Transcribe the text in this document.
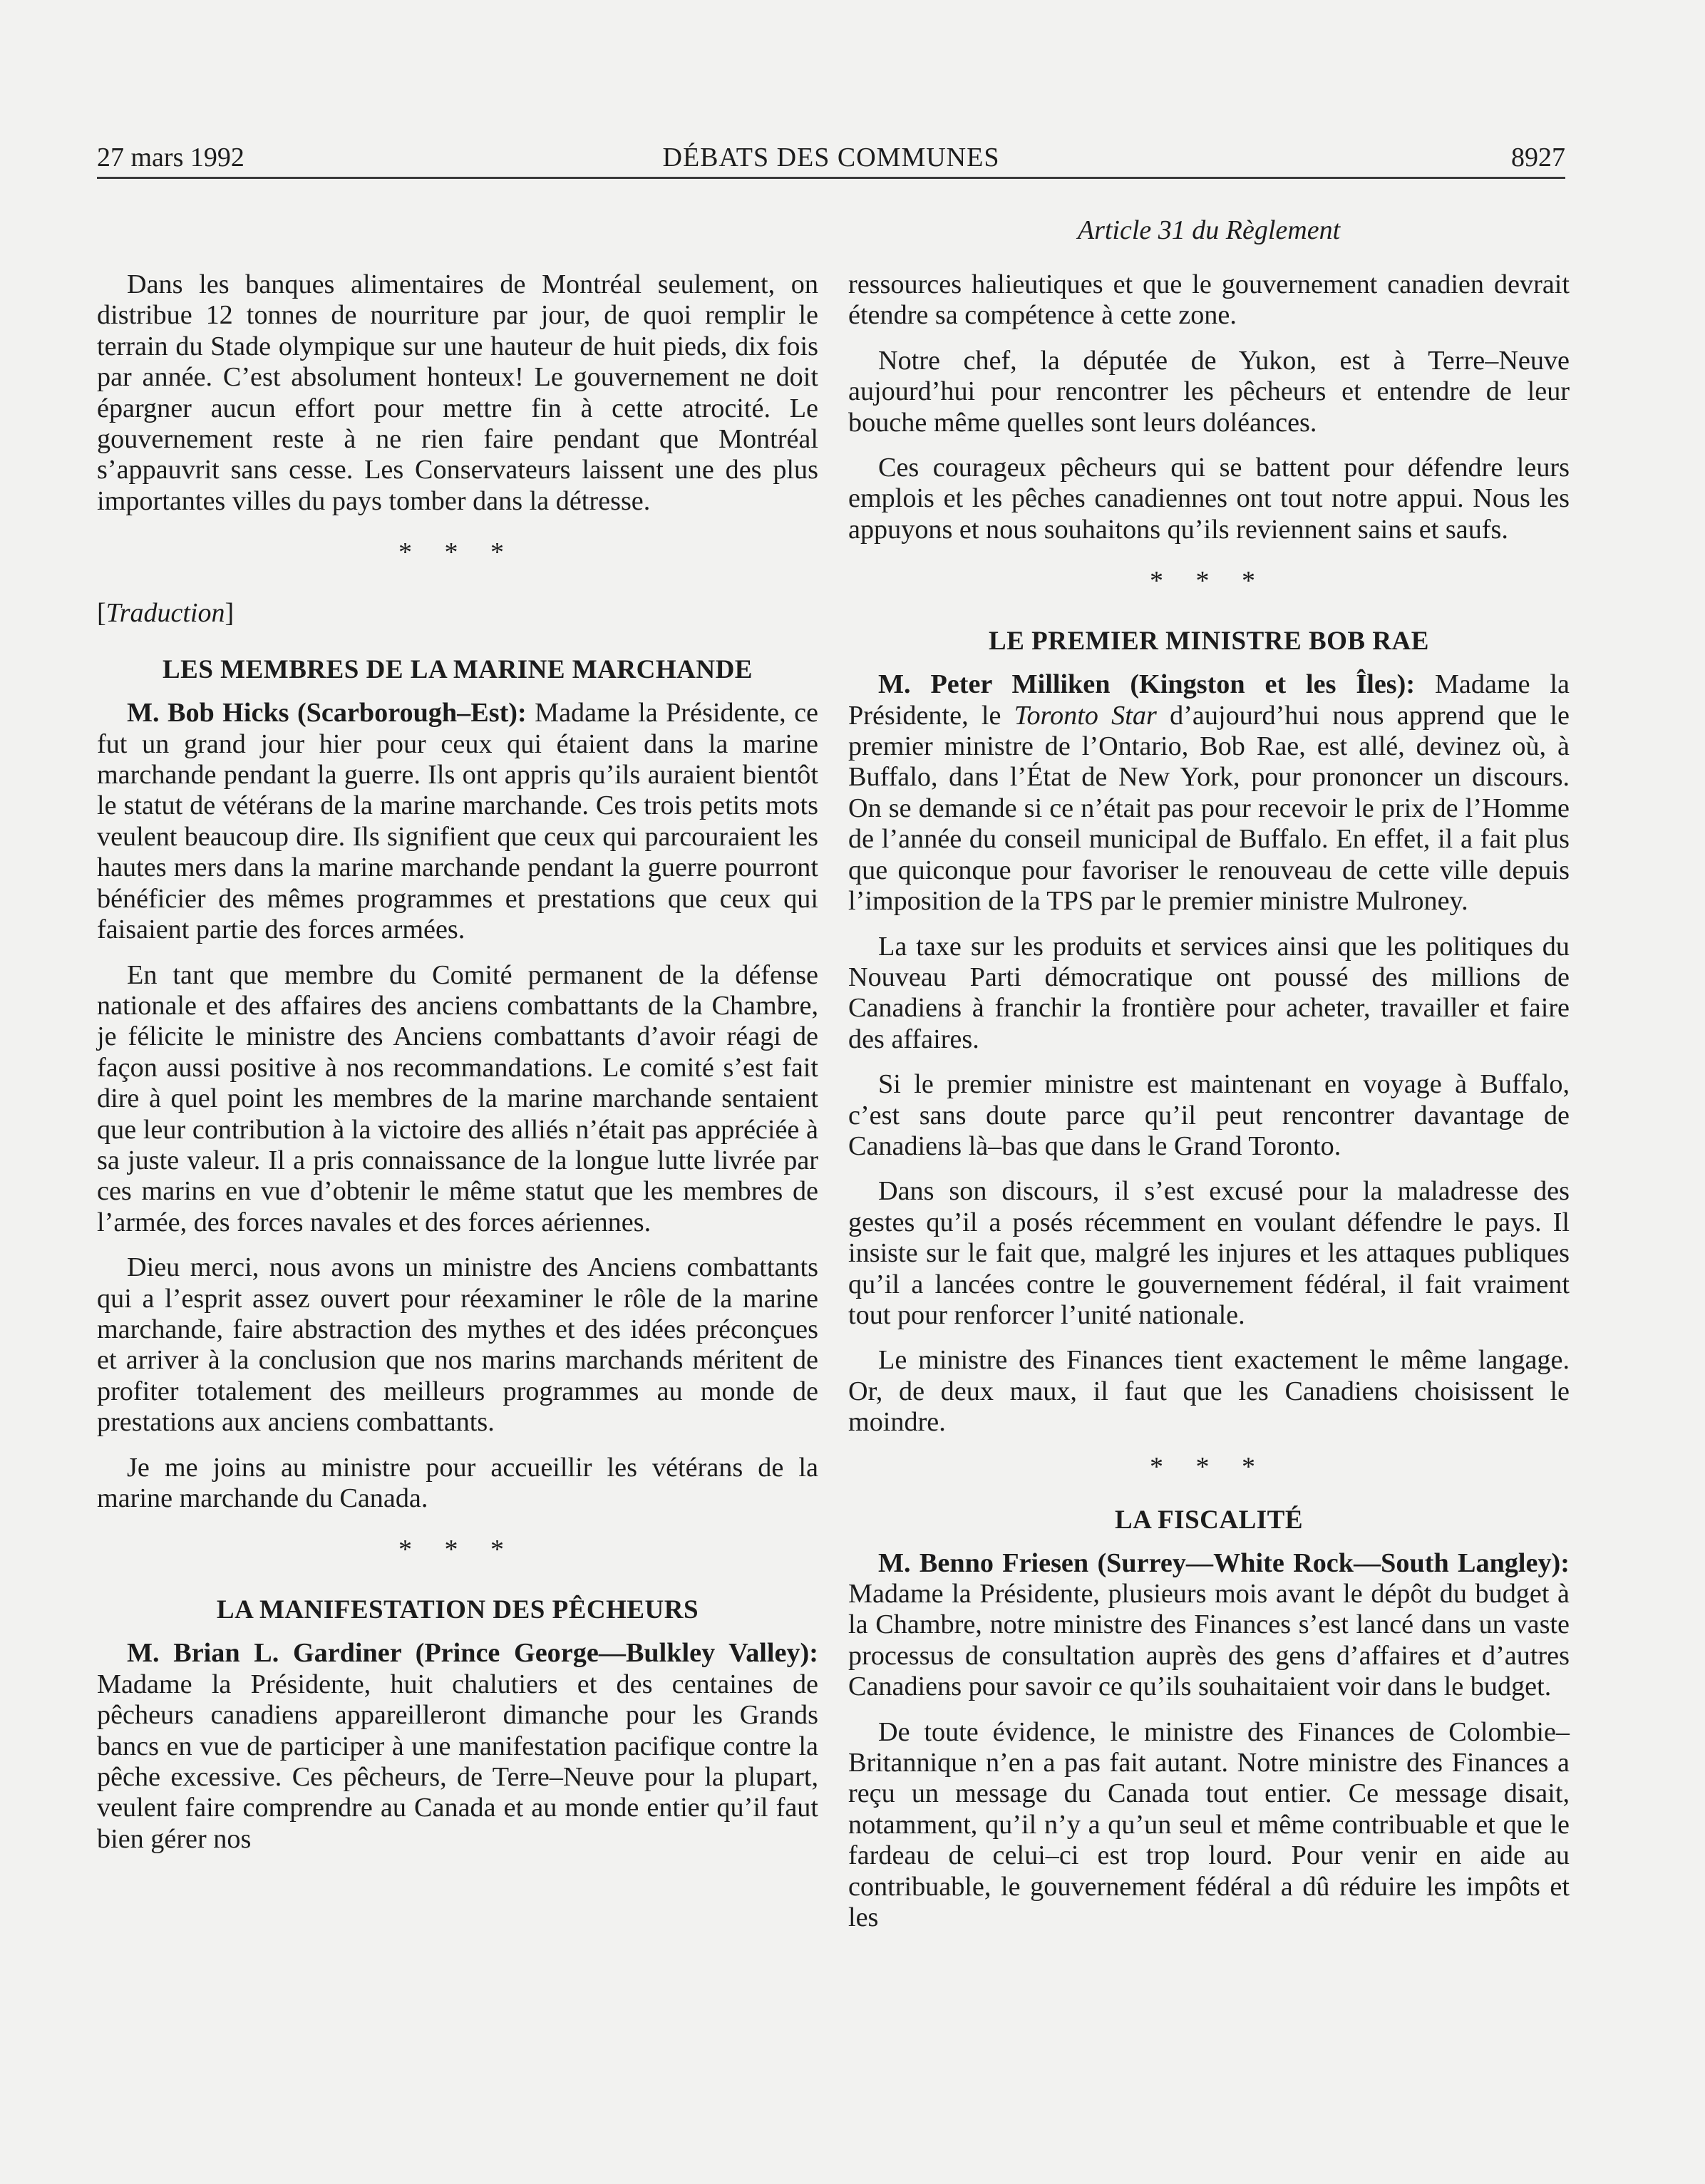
27 mars 1992	DÉBATS DES COMMUNES	8927
Article 31 du Règlement

Dans les banques alimentaires de Montréal seulement, on distribue 12 tonnes de nourriture par jour, de quoi remplir le terrain du Stade olympique sur une hauteur de huit pieds, dix fois par année. C’est absolument honteux! Le gouvernement ne doit épargner aucun effort pour mettre fin à cette atrocité. Le gouvernement reste à ne rien faire pendant que Montréal s’appauvrit sans cesse. Les Conservateurs laissent une des plus importantes villes du pays tomber dans la détresse.

* * *
[Traduction]
LES MEMBRES DE LA MARINE MARCHANDE

M. Bob Hicks (Scarborough–Est): Madame la Présidente, ce fut un grand jour hier pour ceux qui étaient dans la marine marchande pendant la guerre. Ils ont appris qu’ils auraient bientôt le statut de vétérans de la marine marchande. Ces trois petits mots veulent beaucoup dire. Ils signifient que ceux qui parcouraient les hautes mers dans la marine marchande pendant la guerre pourront bénéficier des mêmes programmes et prestations que ceux qui faisaient partie des forces armées.

En tant que membre du Comité permanent de la défense nationale et des affaires des anciens combattants de la Chambre, je félicite le ministre des Anciens combattants d’avoir réagi de façon aussi positive à nos recommandations. Le comité s’est fait dire à quel point les membres de la marine marchande sentaient que leur contribution à la victoire des alliés n’était pas appréciée à sa juste valeur. Il a pris connaissance de la longue lutte livrée par ces marins en vue d’obtenir le même statut que les membres de l’armée, des forces navales et des forces aériennes.

Dieu merci, nous avons un ministre des Anciens combattants qui a l’esprit assez ouvert pour réexaminer le rôle de la marine marchande, faire abstraction des mythes et des idées préconçues et arriver à la conclusion que nos marins marchands méritent de profiter totalement des meilleurs programmes au monde de prestations aux anciens combattants.

Je me joins au ministre pour accueillir les vétérans de la marine marchande du Canada.

* * *
LA MANIFESTATION DES PÊCHEURS

M. Brian L. Gardiner (Prince George—Bulkley Valley): Madame la Présidente, huit chalutiers et des centaines de pêcheurs canadiens appareilleront dimanche pour les Grands bancs en vue de participer à une manifestation pacifique contre la pêche excessive. Ces pêcheurs, de Terre–Neuve pour la plupart, veulent faire comprendre au Canada et au monde entier qu’il faut bien gérer nos

ressources halieutiques et que le gouvernement canadien devrait étendre sa compétence à cette zone.

Notre chef, la députée de Yukon, est à Terre–Neuve aujourd’hui pour rencontrer les pêcheurs et entendre de leur bouche même quelles sont leurs doléances.

Ces courageux pêcheurs qui se battent pour défendre leurs emplois et les pêches canadiennes ont tout notre appui. Nous les appuyons et nous souhaitons qu’ils reviennent sains et saufs.

* * *
LE PREMIER MINISTRE BOB RAE

M. Peter Milliken (Kingston et les Îles): Madame la Présidente, le Toronto Star d’aujourd’hui nous apprend que le premier ministre de l’Ontario, Bob Rae, est allé, devinez où, à Buffalo, dans l’État de New York, pour prononcer un discours. On se demande si ce n’était pas pour recevoir le prix de l’Homme de l’année du conseil municipal de Buffalo. En effet, il a fait plus que quiconque pour favoriser le renouveau de cette ville depuis l’imposition de la TPS par le premier ministre Mulroney.

La taxe sur les produits et services ainsi que les politiques du Nouveau Parti démocratique ont poussé des millions de Canadiens à franchir la frontière pour acheter, travailler et faire des affaires.

Si le premier ministre est maintenant en voyage à Buffalo, c’est sans doute parce qu’il peut rencontrer davantage de Canadiens là–bas que dans le Grand Toronto.

Dans son discours, il s’est excusé pour la maladresse des gestes qu’il a posés récemment en voulant défendre le pays. Il insiste sur le fait que, malgré les injures et les attaques publiques qu’il a lancées contre le gouvernement fédéral, il fait vraiment tout pour renforcer l’unité nationale.

Le ministre des Finances tient exactement le même langage. Or, de deux maux, il faut que les Canadiens choisissent le moindre.

* * *
LA FISCALITÉ

M. Benno Friesen (Surrey—White Rock—South Langley): Madame la Présidente, plusieurs mois avant le dépôt du budget à la Chambre, notre ministre des Finances s’est lancé dans un vaste processus de consultation auprès des gens d’affaires et d’autres Canadiens pour savoir ce qu’ils souhaitaient voir dans le budget.

De toute évidence, le ministre des Finances de Colombie–Britannique n’en a pas fait autant. Notre ministre des Finances a reçu un message du Canada tout entier. Ce message disait, notamment, qu’il n’y a qu’un seul et même contribuable et que le fardeau de celui–ci est trop lourd. Pour venir en aide au contribuable, le gouvernement fédéral a dû réduire les impôts et les
